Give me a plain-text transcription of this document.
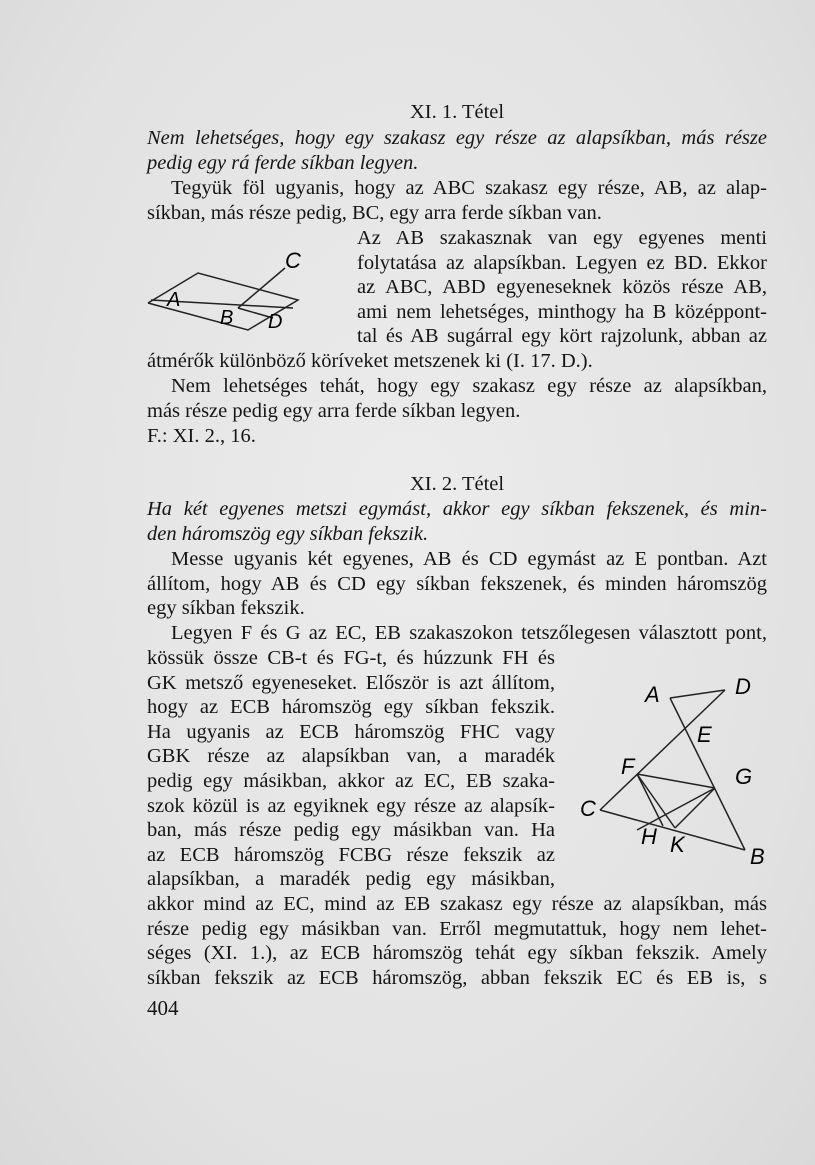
XI. 1. Tétel
Nem lehetséges, hogy egy szakasz egy része az alapsíkban, más része
pedig egy rá ferde síkban legyen.
Tegyük föl ugyanis, hogy az ABC szakasz egy része, AB, az alap-
síkban, más része pedig, BC, egy arra ferde síkban van.
Az AB szakasznak van egy egyenes menti
folytatása az alapsíkban. Legyen ez BD. Ekkor
az ABC, ABD egyeneseknek közös része AB,
ami nem lehetséges, minthogy ha B középpont-
tal és AB sugárral egy kört rajzolunk, abban az
átmérők különböző köríveket metszenek ki (I. 17. D.).
Nem lehetséges tehát, hogy egy szakasz egy része az alapsíkban,
más része pedig egy arra ferde síkban legyen.
F.: XI. 2., 16.
C
A
B D
XI. 2. Tétel
Ha két egyenes metszi egymást, akkor egy síkban fekszenek, és min-
den háromszög egy síkban fekszik.
Messe ugyanis két egyenes, AB és CD egymást az E pontban. Azt
állítom, hogy AB és CD egy síkban fekszenek, és minden háromszög
egy síkban fekszik.
Legyen F és G az EC, EB szakaszokon tetszőlegesen választott pont,
kössük össze CB-t és FG-t, és húzzunk FH és
GK metsző egyeneseket. Először is azt állítom,
hogy az ECB háromszög egy síkban fekszik.
Ha ugyanis az ECB háromszög FHC vagy
GBK része az alapsíkban van, a maradék
pedig egy másikban, akkor az EC, EB szaka-
szok közül is az egyiknek egy része az alapsík-
ban, más része pedig egy másikban van. Ha
az ECB háromszög FCBG része fekszik az
alapsíkban, a maradék pedig egy másikban,
akkor mind az EC, mind az EB szakasz egy része az alapsíkban, más
része pedig egy másikban van. Erről megmutattuk, hogy nem lehet-
séges (XI. 1.), az ECB háromszög tehát egy síkban fekszik. Amely
síkban fekszik az ECB háromszög, abban fekszik EC és EB is, s
A	D
E
F	G
C
H K	B
404
